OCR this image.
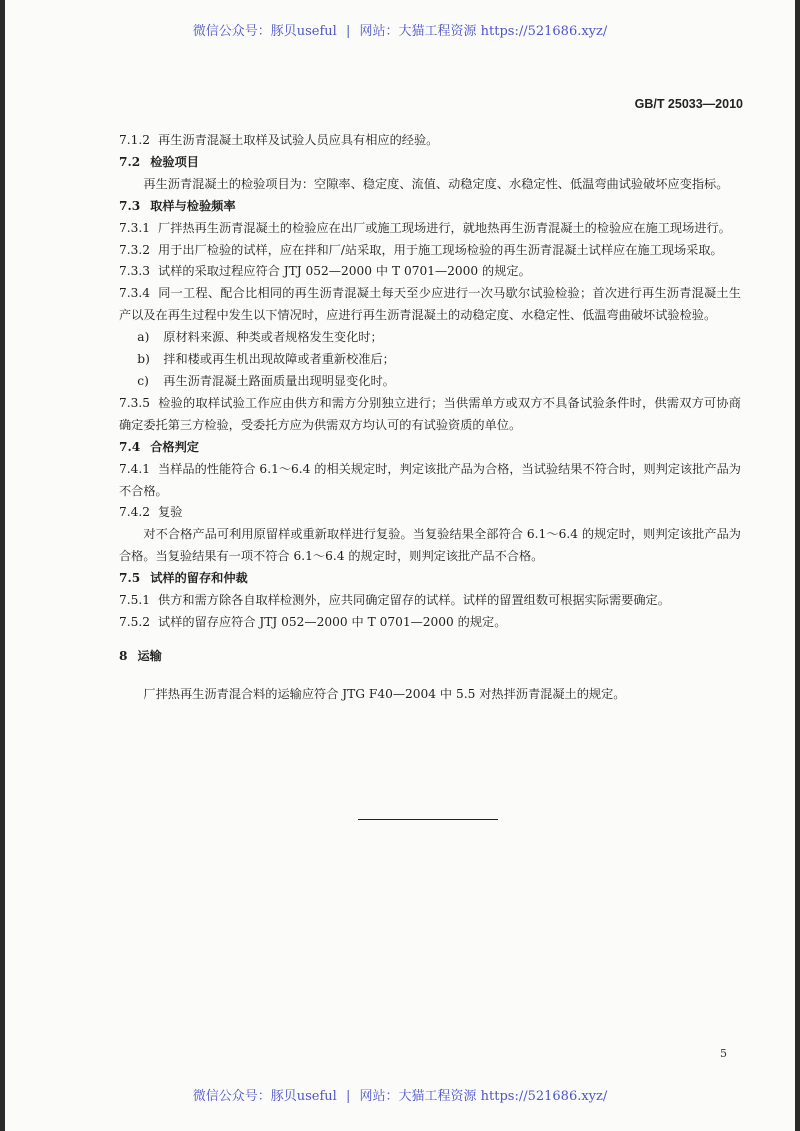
微信公众号：豚贝useful | 网站：大猫工程资源 https://521686.xyz/
GB/T 25033—2010

7.1.2 再生沥青混凝土取样及试验人员应具有相应的经验。

7.2 检验项目

再生沥青混凝土的检验项目为：空隙率、稳定度、流值、动稳定度、水稳定性、低温弯曲试验破坏应变指标。

7.3 取样与检验频率

7.3.1 厂拌热再生沥青混凝土的检验应在出厂或施工现场进行，就地热再生沥青混凝土的检验应在施工现场进行。

7.3.2 用于出厂检验的试样，应在拌和厂/站采取，用于施工现场检验的再生沥青混凝土试样应在施工现场采取。

7.3.3 试样的采取过程应符合 JTJ 052—2000 中 T 0701—2000 的规定。

7.3.4 同一工程、配合比相同的再生沥青混凝土每天至少应进行一次马歇尔试验检验；首次进行再生沥青混凝土生产以及在再生过程中发生以下情况时，应进行再生沥青混凝土的动稳定度、水稳定性、低温弯曲破坏试验检验。

a) 原材料来源、种类或者规格发生变化时；

b) 拌和楼或再生机出现故障或者重新校准后；

c) 再生沥青混凝土路面质量出现明显变化时。

7.3.5 检验的取样试验工作应由供方和需方分别独立进行；当供需单方或双方不具备试验条件时，供需双方可协商确定委托第三方检验，受委托方应为供需双方均认可的有试验资质的单位。

7.4 合格判定

7.4.1 当样品的性能符合 6.1～6.4 的相关规定时，判定该批产品为合格，当试验结果不符合时，则判定该批产品为不合格。

7.4.2 复验

对不合格产品可利用原留样或重新取样进行复验。当复验结果全部符合 6.1～6.4 的规定时，则判定该批产品为合格。当复验结果有一项不符合 6.1～6.4 的规定时，则判定该批产品不合格。

7.5 试样的留存和仲裁

7.5.1 供方和需方除各自取样检测外，应共同确定留存的试样。试样的留置组数可根据实际需要确定。

7.5.2 试样的留存应符合 JTJ 052—2000 中 T 0701—2000 的规定。

8 运输

厂拌热再生沥青混合料的运输应符合 JTG F40—2004 中 5.5 对热拌沥青混凝土的规定。

5
微信公众号：豚贝useful | 网站：大猫工程资源 https://521686.xyz/
